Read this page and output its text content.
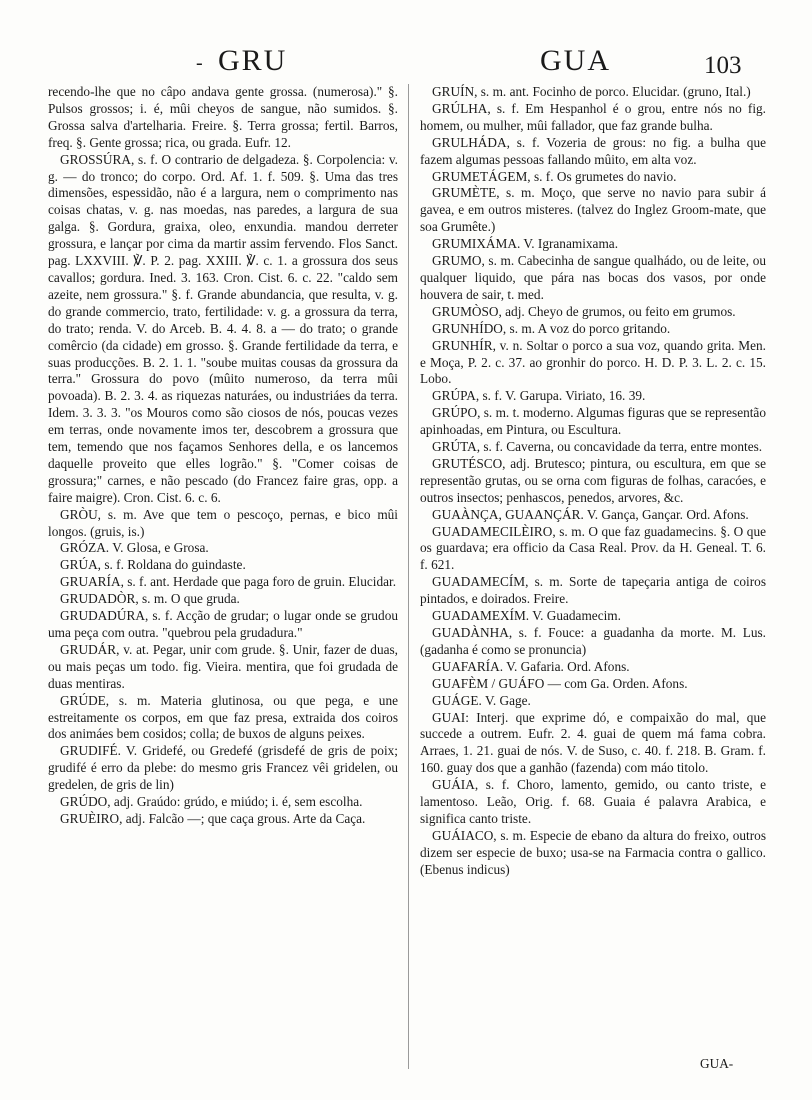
- GRU	GUA	103

recendo-lhe que no câpo andava gente grossa. (numerosa)." §. Pulsos grossos; i. é, mûi cheyos de sangue, não sumidos. §. Grossa salva d'artelharia. Freire. §. Terra grossa; fertil. Barros, freq. §. Gente grossa; rica, ou grada. Eufr. 12.

GROSSÚRA, s. f. O contrario de delgadeza. §. Corpolencia: v. g. — do tronco; do corpo. Ord. Af. 1. f. 509. §. Uma das tres dimensões, espessidão, não é a largura, nem o comprimento nas coisas chatas, v. g. nas moedas, nas paredes, a largura de sua galga. §. Gordura, graixa, oleo, enxundia. mandou derreter grossura, e lançar por cima da martir assim fervendo. Flos Sanct. pag. LXXVIII. ℣. P. 2. pag. XXIII. ℣. c. 1. a grossura dos seus cavallos; gordura. Ined. 3. 163. Cron. Cist. 6. c. 22. "caldo sem azeite, nem grossura." §. f. Grande abundancia, que resulta, v. g. do grande commercio, trato, fertilidade: v. g. a grossura da terra, do trato; renda. V. do Arceb. B. 4. 4. 8. a — do trato; o grande comêrcio (da cidade) em grosso. §. Grande fertilidade da terra, e suas producções. B. 2. 1. 1. "soube muitas cousas da grossura da terra." Grossura do povo (mûito numeroso, da terra mûi povoada). B. 2. 3. 4. as riquezas naturáes, ou industriáes da terra. Idem. 3. 3. 3. "os Mouros como são ciosos de nós, poucas vezes em terras, onde novamente imos ter, descobrem a grossura que tem, temendo que nos façamos Senhores della, e os lancemos daquelle proveito que elles logrão." §. "Comer coisas de grossura;" carnes, e não pescado (do Francez faire gras, opp. a faire maigre). Cron. Cist. 6. c. 6.

GRÒU, s. m. Ave que tem o pescoço, pernas, e bico mûi longos. (gruis, is.)

GRÓZA. V. Glosa, e Grosa.

GRÚA, s. f. Roldana do guindaste.

GRUARÍA, s. f. ant. Herdade que paga foro de gruin. Elucidar.

GRUDADÒR, s. m. O que gruda.

GRUDADÚRA, s. f. Acção de grudar; o lugar onde se grudou uma peça com outra. "quebrou pela grudadura."

GRUDÁR, v. at. Pegar, unir com grude. §. Unir, fazer de duas, ou mais peças um todo. fig. Vieira. mentira, que foi grudada de duas mentiras.

GRÚDE, s. m. Materia glutinosa, ou que pega, e une estreitamente os corpos, em que faz presa, extraida dos coiros dos animáes bem cosidos; colla; de buxos de alguns peixes.

GRUDIFÉ. V. Gridefé, ou Gredefé (grisdefé de gris de poix; grudifé é erro da plebe: do mesmo gris Francez vêi gridelen, ou gredelen, de gris de lin)

GRÚDO, adj. Graúdo: grúdo, e miúdo; i. é, sem escolha.

GRUÈIRO, adj. Falcão —; que caça grous. Arte da Caça.

GRUÍN, s. m. ant. Focinho de porco. Elucidar. (gruno, Ital.)

GRÚLHA, s. f. Em Hespanhol é o grou, entre nós no fig. homem, ou mulher, mûi fallador, que faz grande bulha.

GRULHÁDA, s. f. Vozeria de grous: no fig. a bulha que fazem algumas pessoas fallando mûito, em alta voz.

GRUMETÁGEM, s. f. Os grumetes do navio.

GRUMÈTE, s. m. Moço, que serve no navio para subir á gavea, e em outros misteres. (talvez do Inglez Groom-mate, que soa Grumête.)

GRUMIXÁMA. V. Igranamixama.

GRUMO, s. m. Cabecinha de sangue qualhádo, ou de leite, ou qualquer liquido, que pára nas bocas dos vasos, por onde houvera de sair, t. med.

GRUMÒSO, adj. Cheyo de grumos, ou feito em grumos.

GRUNHÍDO, s. m. A voz do porco gritando.

GRUNHÍR, v. n. Soltar o porco a sua voz, quando grita. Men. e Moça, P. 2. c. 37. ao gronhir do porco. H. D. P. 3. L. 2. c. 15. Lobo.

GRÚPA, s. f. V. Garupa. Viriato, 16. 39.

GRÚPO, s. m. t. moderno. Algumas figuras que se representão apinhoadas, em Pintura, ou Escultura.

GRÚTA, s. f. Caverna, ou concavidade da terra, entre montes.

GRUTÉSCO, adj. Brutesco; pintura, ou escultura, em que se representão grutas, ou se orna com figuras de folhas, caracóes, e outros insectos; penhascos, penedos, arvores, &c.

GUAÀNÇA, GUAANÇÁR. V. Gança, Gançar. Ord. Afons.

GUADAMECILÈIRO, s. m. O que faz guadamecins. §. O que os guardava; era officio da Casa Real. Prov. da H. Geneal. T. 6. f. 621.

GUADAMECÍM, s. m. Sorte de tapeçaria antiga de coiros pintados, e doirados. Freire.

GUADAMEXÍM. V. Guadamecim.

GUADÀNHA, s. f. Fouce: a guadanha da morte. M. Lus. (gadanha é como se pronuncia)

GUAFARÍA. V. Gafaria. Ord. Afons.

GUAFÈM / GUÁFO — com Ga. Orden. Afons.

GUÁGE. V. Gage.

GUAI: Interj. que exprime dó, e compaixão do mal, que succede a outrem. Eufr. 2. 4. guai de quem má fama cobra. Arraes, 1. 21. guai de nós. V. de Suso, c. 40. f. 218. B. Gram. f. 160. guay dos que a ganhão (fazenda) com máo titolo.

GUÁIA, s. f. Choro, lamento, gemido, ou canto triste, e lamentoso. Leão, Orig. f. 68. Guaia é palavra Arabica, e significa canto triste.

GUÁIACO, s. m. Especie de ebano da altura do freixo, outros dizem ser especie de buxo; usa-se na Farmacia contra o gallico. (Ebenus indicus)

GUA-
